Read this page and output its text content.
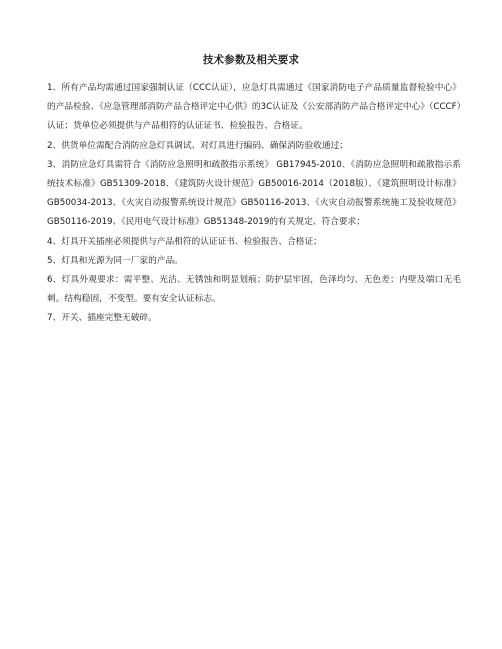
技术参数及相关要求

1、所有产品均需通过国家强制认证（CCC认证），应急灯具需通过《国家消防电子产品质量监督检验中心》的产品检验、《应急管理部消防产品合格评定中心供》的3C认证及《公安部消防产品合格评定中心》（CCCF）认证；货单位必须提供与产品相符的认证证书、检验报告、合格证。

2、供货单位需配合消防应急灯具调试、对灯具进行编码、确保消防验收通过；

3、消防应急灯具需符合《消防应急照明和疏散指示系统》 GB17945-2010、《消防应急照明和疏散指示系统技术标准》GB51309-2018、《建筑防火设计规范》GB50016-2014（2018版）、《建筑照明设计标准》GB50034-2013、《火灾自动报警系统设计规范》GB50116-2013、《火灾自动报警系统施工及验收规范》GB50116-2019、《民用电气设计标准》GB51348-2019的有关规定、符合要求；

4、灯具开关插座必须提供与产品相符的认证证书、检验报告、合格证；

5、灯具和光源为同一厂家的产品。

6、灯具外观要求：需平整、光洁、无锈蚀和明显划痕；防护层牢固，色泽均匀、无色差；内壁及端口无毛刺。结构稳固，不变型。要有安全认证标志。

7、开关、插座完整无破碎。
